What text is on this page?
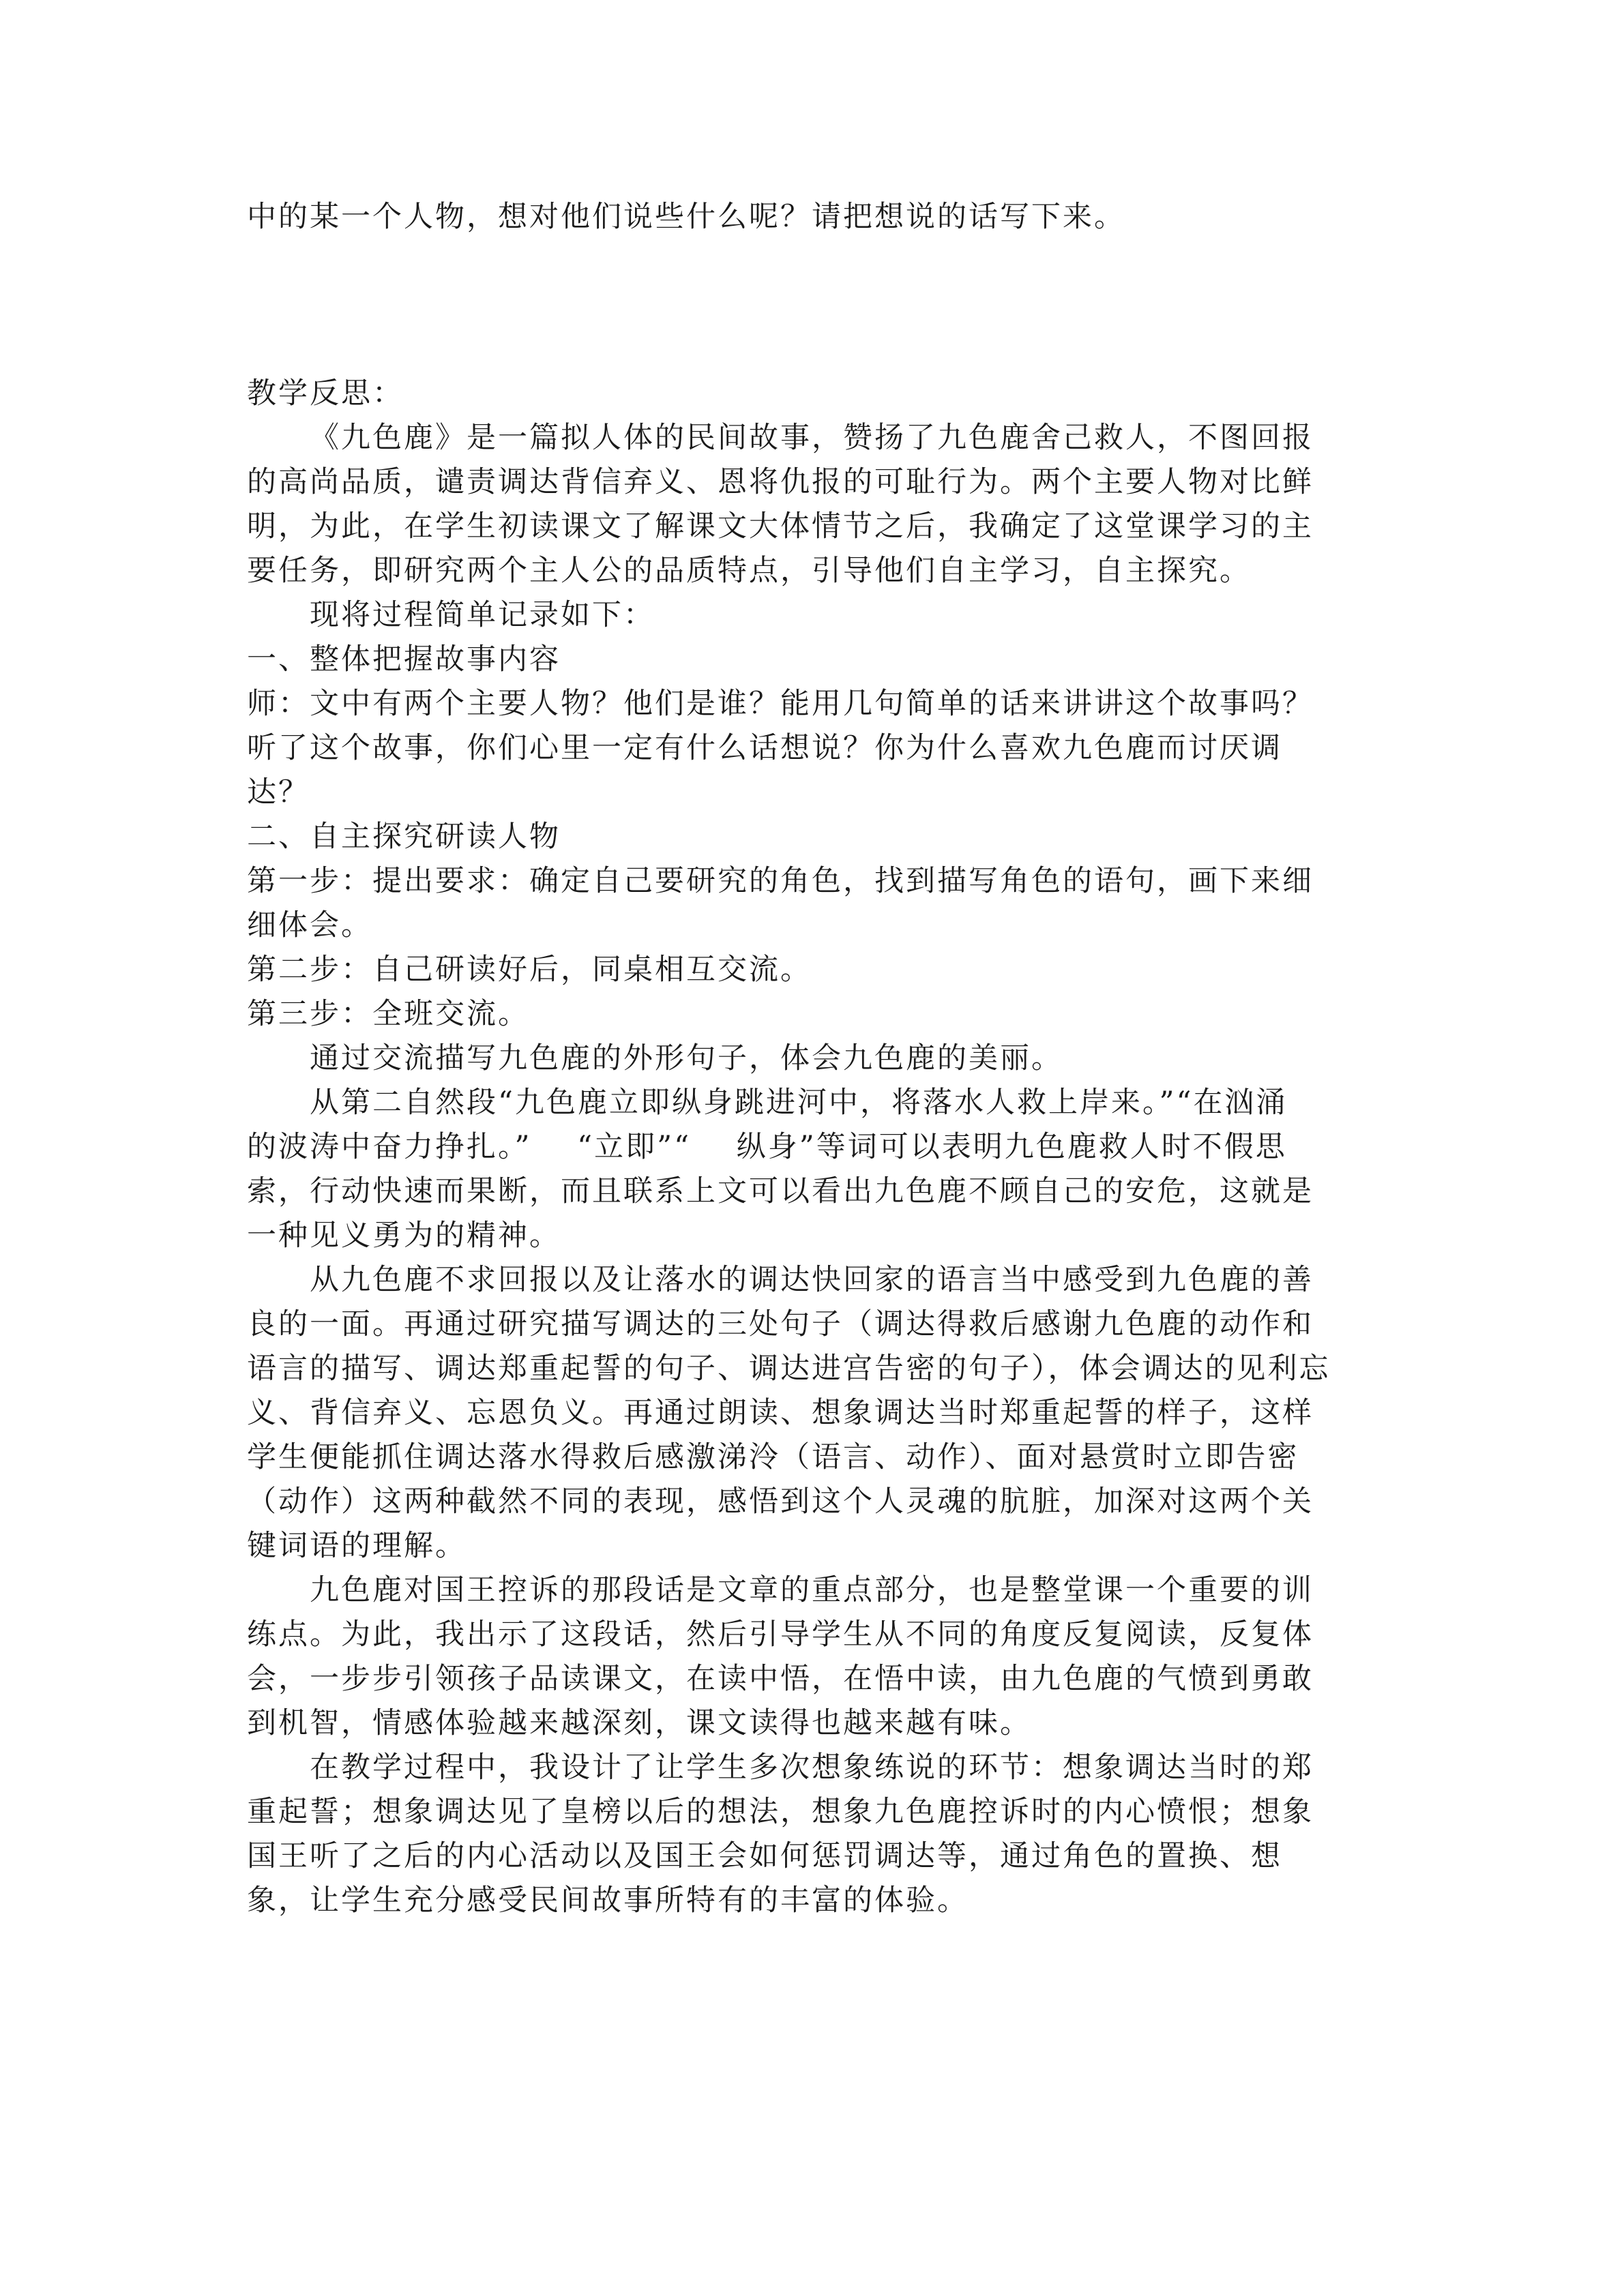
中的某一个人物，想对他们说些什么呢？请把想说的话写下来。
教学反思：
《九色鹿》是一篇拟人体的民间故事，赞扬了九色鹿舍己救人，不图回报
的高尚品质，谴责调达背信弃义、恩将仇报的可耻行为。两个主要人物对比鲜
明，为此，在学生初读课文了解课文大体情节之后，我确定了这堂课学习的主
要任务，即研究两个主人公的品质特点，引导他们自主学习，自主探究。
现将过程简单记录如下：
一、整体把握故事内容
师：文中有两个主要人物？他们是谁？能用几句简单的话来讲讲这个故事吗？
听了这个故事，你们心里一定有什么话想说？你为什么喜欢九色鹿而讨厌调
达？
二、自主探究研读人物
第一步：提出要求：确定自己要研究的角色，找到描写角色的语句，画下来细
细体会。
第二步：自己研读好后，同桌相互交流。
第三步：全班交流。
通过交流描写九色鹿的外形句子，体会九色鹿的美丽。
从第二自然段“九色鹿立即纵身跳进河中，将落水人救上岸来。”“在汹涌
的波涛中奋力挣扎。”    “立即”“    纵身”等词可以表明九色鹿救人时不假思
索，行动快速而果断，而且联系上文可以看出九色鹿不顾自己的安危，这就是
一种见义勇为的精神。
从九色鹿不求回报以及让落水的调达快回家的语言当中感受到九色鹿的善
良的一面。再通过研究描写调达的三处句子（调达得救后感谢九色鹿的动作和
语言的描写、调达郑重起誓的句子、调达进宫告密的句子），体会调达的见利忘
义、背信弃义、忘恩负义。再通过朗读、想象调达当时郑重起誓的样子，这样
学生便能抓住调达落水得救后感激涕泠（语言、动作）、面对悬赏时立即告密
（动作）这两种截然不同的表现，感悟到这个人灵魂的肮脏，加深对这两个关
键词语的理解。
九色鹿对国王控诉的那段话是文章的重点部分，也是整堂课一个重要的训
练点。为此，我出示了这段话，然后引导学生从不同的角度反复阅读，反复体
会，一步步引领孩子品读课文，在读中悟，在悟中读，由九色鹿的气愤到勇敢
到机智，情感体验越来越深刻，课文读得也越来越有味。
在教学过程中，我设计了让学生多次想象练说的环节：想象调达当时的郑
重起誓；想象调达见了皇榜以后的想法，想象九色鹿控诉时的内心愤恨；想象
国王听了之后的内心活动以及国王会如何惩罚调达等，通过角色的置换、想
象，让学生充分感受民间故事所特有的丰富的体验。
